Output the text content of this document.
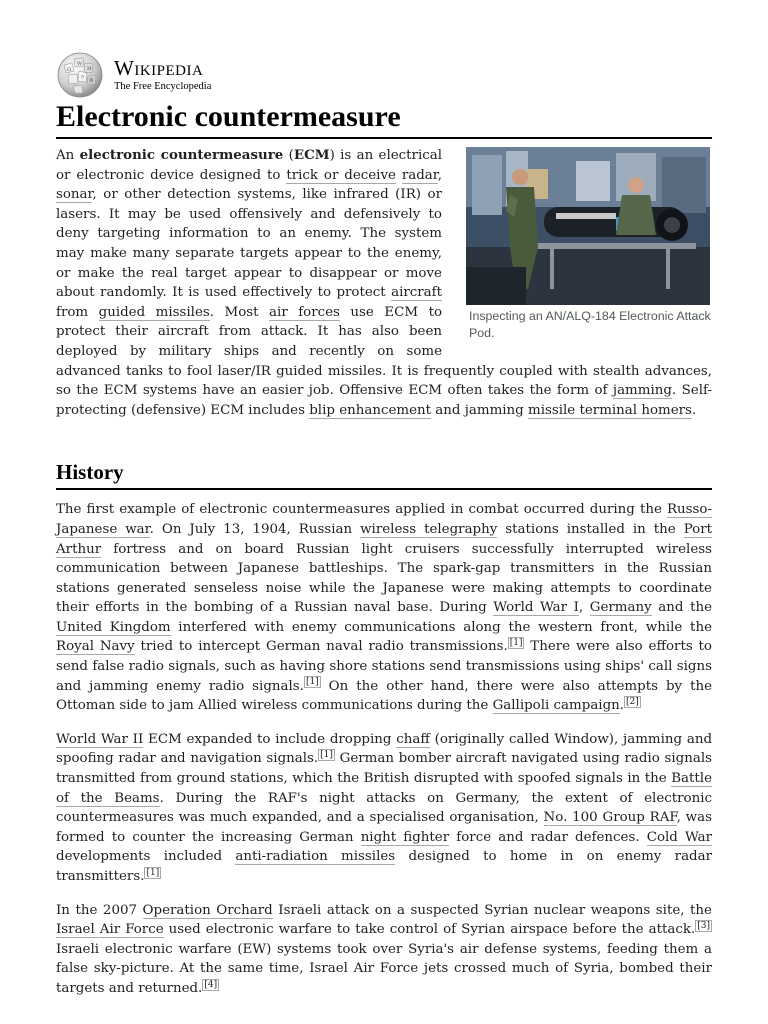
Ω
W
И
ウ 維
Wikipedia
The Free Encyclopedia
Electronic countermeasure
Inspecting an AN/ALQ-184 Electronic Attack Pod.

An electronic countermeasure (ECM) is an electrical or electronic device designed to trick or deceive radar, sonar, or other detection systems, like infrared (IR) or lasers. It may be used offensively and defensively to deny targeting information to an enemy. The system may make many separate targets appear to the enemy, or make the real target appear to disappear or move about randomly. It is used effectively to protect aircraft from guided missiles. Most air forces use ECM to protect their aircraft from attack. It has also been deployed by military ships and recently on some advanced tanks to fool laser/IR guided missiles. It is frequently coupled with stealth advances, so the ECM systems have an easier job. Offensive ECM often takes the form of jamming. Self-protecting (defensive) ECM includes blip enhancement and jamming missile terminal homers.

History

The first example of electronic countermeasures applied in combat occurred during the Russo-Japanese war. On July 13, 1904, Russian wireless telegraphy stations installed in the Port Arthur fortress and on board Russian light cruisers successfully interrupted wireless communication between Japanese battleships. The spark-gap transmitters in the Russian stations generated senseless noise while the Japanese were making attempts to coordinate their efforts in the bombing of a Russian naval base. During World War I, Germany and the United Kingdom interfered with enemy communications along the western front, while the Royal Navy tried to intercept German naval radio transmissions. [1] There were also efforts to send false radio signals, such as having shore stations send transmissions using ships' call signs and jamming enemy radio signals. [1] On the other hand, there were also attempts by the Ottoman side to jam Allied wireless communications during the Gallipoli campaign. [2]

World War II ECM expanded to include dropping chaff (originally called Window), jamming and spoofing radar and navigation signals. [1] German bomber aircraft navigated using radio signals transmitted from ground stations, which the British disrupted with spoofed signals in the Battle of the Beams. During the RAF's night attacks on Germany, the extent of electronic countermeasures was much expanded, and a specialised organisation, No. 100 Group RAF, was formed to counter the increasing German night fighter force and radar defences. Cold War developments included anti-radiation missiles designed to home in on enemy radar transmitters. [1]

In the 2007 Operation Orchard Israeli attack on a suspected Syrian nuclear weapons site, the Israel Air Force used electronic warfare to take control of Syrian airspace before the attack. [3] Israeli electronic warfare (EW) systems took over Syria's air defense systems, feeding them a false sky-picture. At the same time, Israel Air Force jets crossed much of Syria, bombed their targets and returned. [4]
